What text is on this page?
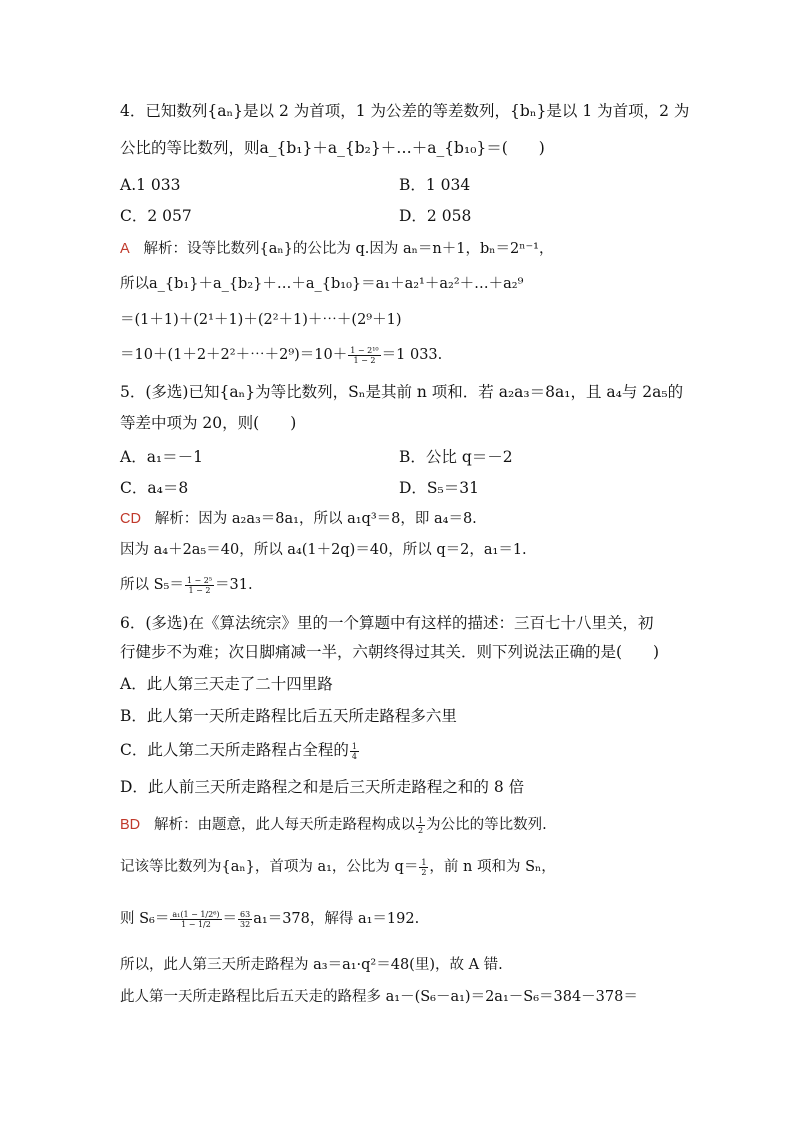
4．已知数列{aₙ}是以 2 为首项，1 为公差的等差数列，{bₙ}是以 1 为首项，2 为
公比的等比数列，则a_{b₁}＋a_{b₂}＋…＋a_{b₁₀}＝(　　)
A.1 033	B．1 034
C．2 057	D．2 058
A 解析：设等比数列{aₙ}的公比为 q.因为 aₙ＝n＋1，bₙ＝2ⁿ⁻¹，
所以a_{b₁}＋a_{b₂}＋…＋a_{b₁₀}＝a₁＋a₂¹＋a₂²＋…＋a₂⁹
＝(1＋1)＋(2¹＋1)＋(2²＋1)＋⋯＋(2⁹＋1)
＝10＋(1＋2＋2²＋⋯＋2⁹)＝10＋ $\frac{\text{1 − 2¹⁰}}{1 - 2} =1$ 033.
5．(多选)已知{aₙ}为等比数列，Sₙ是其前 n 项和．若 a₂a₃＝8a₁，且 a₄与 2a₅的
等差中项为 20，则(　　)
A．a₁＝－1	B．公比 q＝－2
C．a₄＝8	D．S₅＝31
CD 解析：因为 a₂a₃＝8a₁，所以 a₁q³＝8，即 a₄＝8.
因为 a₄＋2a₅＝40，所以 a₄(1＋2q)＝40，所以 q＝2，a₁＝1.
所以 $S_5= \frac{\text{1 − 2⁵}}{1 - 2} =31$.
6．(多选)在《算法统宗》里的一个算题中有这样的描述：三百七十八里关，初
行健步不为难；次日脚痛减一半，六朝终得过其关．则下列说法正确的是(　　)
A．此人第三天走了二十四里路
B．此人第一天所走路程比后五天所走路程多六里
C．此人第二天所走路程占全程的 $\frac{1}{4}$
D．此人前三天所走路程之和是后三天所走路程之和的 8 倍
BD 解析：由题意，此人每天所走路程构成以 $\frac{1}{2}$ 为公比的等比数列.
记该等比数列为{aₙ}，首项为 a₁，公比为 $q= \frac{1}{2}$ ，前 n 项和为 Sₙ，
则 $S_6= \frac{\text{a₁(1 − 1/2⁶)}}{1 - 1/2} = \frac{63}{32} a_1=378$，解得 a₁＝192.
所以，此人第三天所走路程为 a₃＝a₁·q²＝48(里)，故 A 错.
此人第一天所走路程比后五天走的路程多 a₁－(S₆－a₁)＝2a₁－S₆＝384－378＝
